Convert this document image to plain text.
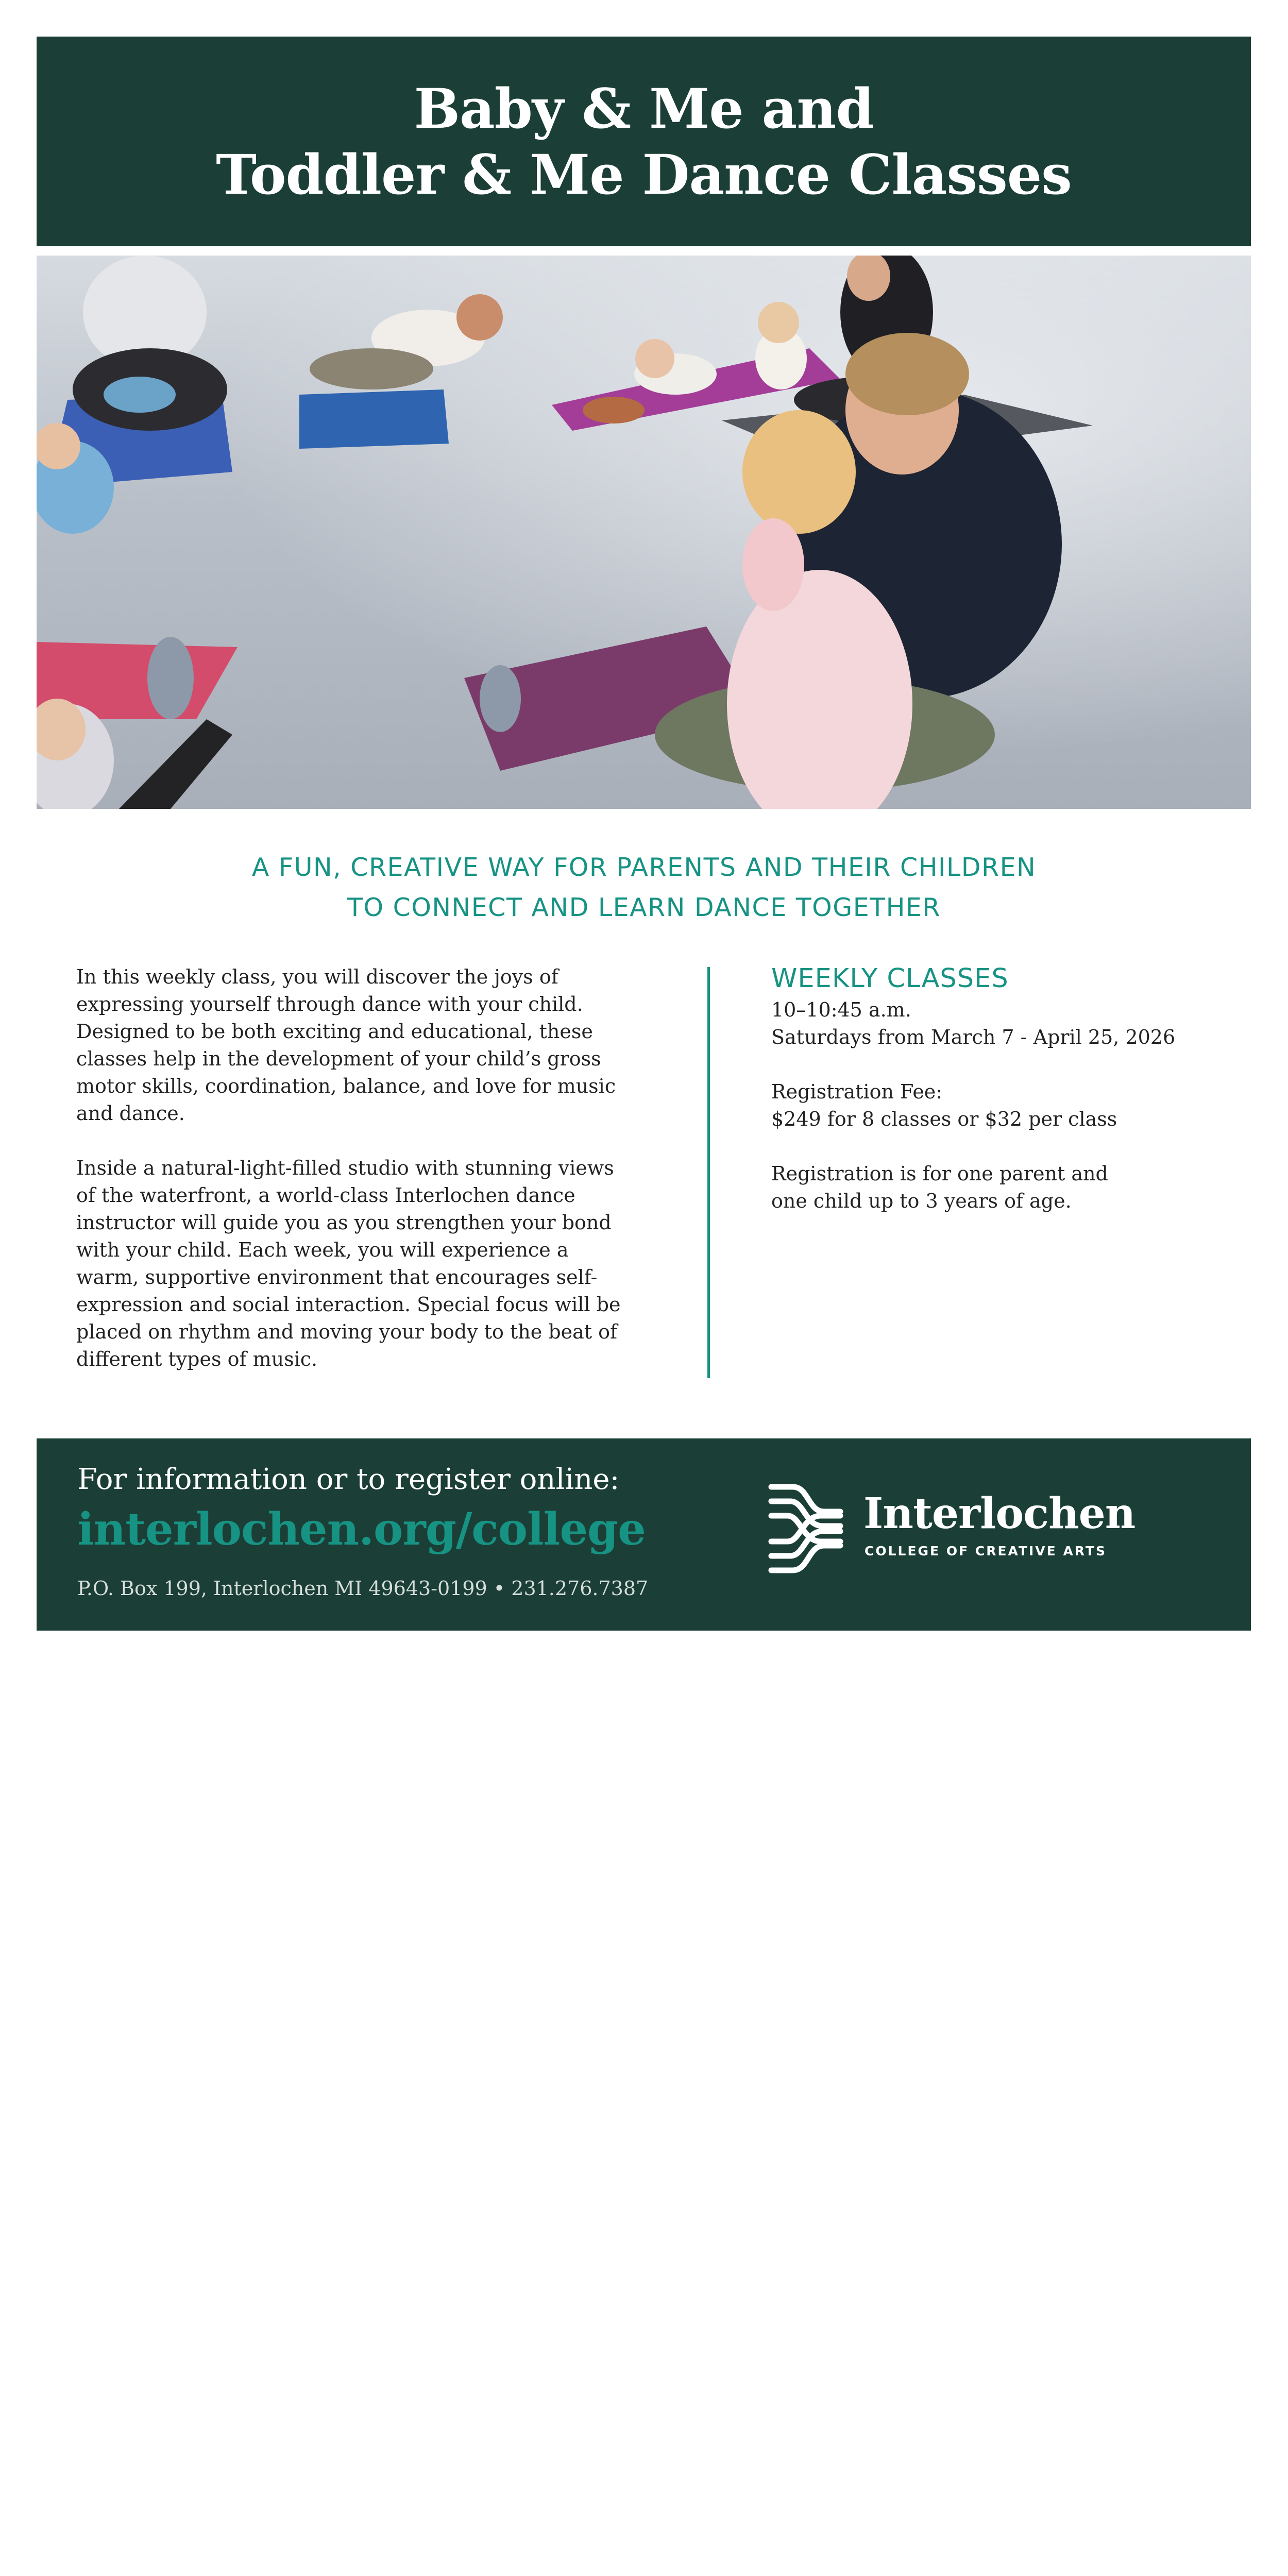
Baby & Me and
Toddler & Me Dance Classes
A FUN, CREATIVE WAY FOR PARENTS AND THEIR CHILDREN
TO CONNECT AND LEARN DANCE TOGETHER
In this weekly class, you will discover the joys of
expressing yourself through dance with your child.
Designed to be both exciting and educational, these
classes help in the development of your child’s gross
motor skills, coordination, balance, and love for music
and dance.
Inside a natural-light-filled studio with stunning views
of the waterfront, a world-class Interlochen dance
instructor will guide you as you strengthen your bond
with your child. Each week, you will experience a
warm, supportive environment that encourages self-
expression and social interaction. Special focus will be
placed on rhythm and moving your body to the beat of
different types of music.
WEEKLY CLASSES
10–10:45 a.m.
Saturdays from March 7 - April 25, 2026
Registration Fee:
$249 for 8 classes or $32 per class
Registration is for one parent and
one child up to 3 years of age.
For information or to register online:
interlochen.org/college
P.O. Box 199, Interlochen MI 49643-0199 • 231.276.7387
Interlochen
COLLEGE OF CREATIVE ARTS
